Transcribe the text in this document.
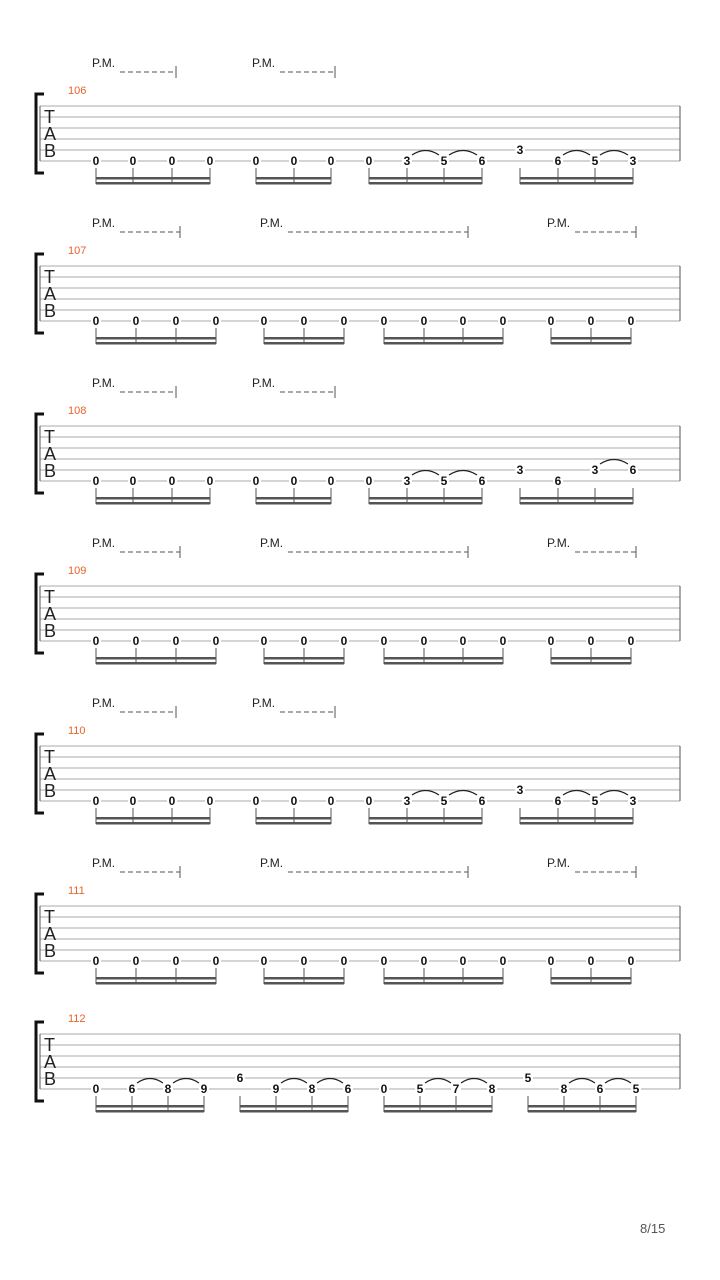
T
A
B
106
P.M.	P.M.
0	0	0	0	0	0	0	0	3	5	6
3
6	5	3
T
A
B
107
P.M.	P.M.	P.M.
0	0	0	0	0	0	0	0	0	0	0	0	0	0
T
A
B
108
P.M.	P.M.
0	0	0	0	0	0	0	0	3	5	6
3
6
3	6
T
A
B
109
P.M.	P.M.	P.M.
0	0	0	0	0	0	0	0	0	0	0	0	0	0
T
A
B
110
P.M.	P.M.
0	0	0	0	0	0	0	0	3	5	6
3
6	5	3
T
A
B
111
P.M.	P.M.	P.M.
0	0	0	0	0	0	0	0	0	0	0	0	0	0
T
A
B
112
0 6 8 9
6
9 8 6 0 5 7 8
5
8 6 5
8/15
